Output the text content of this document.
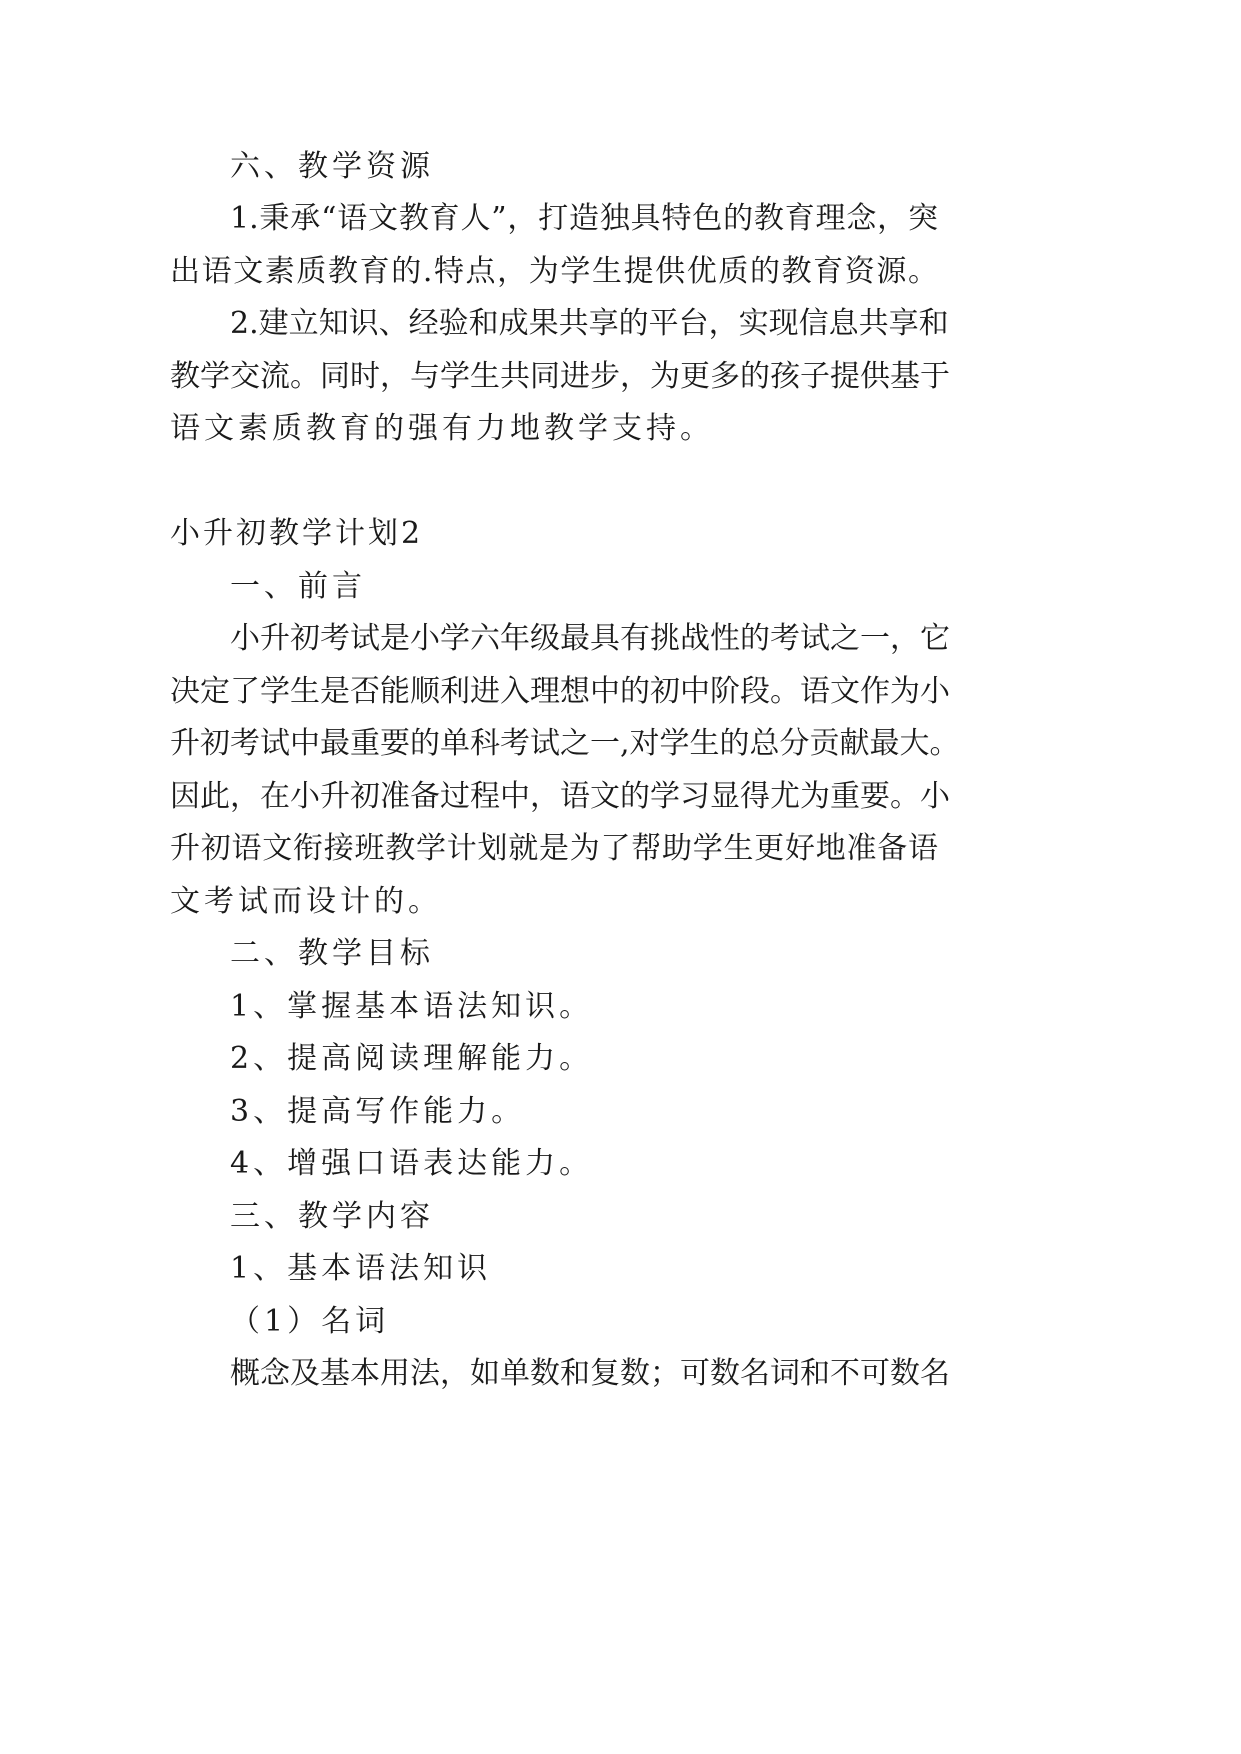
六、教学资源
1.秉承“语文教育人”，打造独具特色的教育理念，突
出语文素质教育的.特点，为学生提供优质的教育资源。
2.建立知识、经验和成果共享的平台，实现信息共享和
教学交流。同时，与学生共同进步，为更多的孩子提供基于
语文素质教育的强有力地教学支持。
小升初教学计划2
一、前言
小升初考试是小学六年级最具有挑战性的考试之一，它
决定了学生是否能顺利进入理想中的初中阶段。语文作为小
升初考试中最重要的单科考试之一,对学生的总分贡献最大。
因此，在小升初准备过程中，语文的学习显得尤为重要。小
升初语文衔接班教学计划就是为了帮助学生更好地准备语
文考试而设计的。
二、教学目标
1、掌握基本语法知识。
2、提高阅读理解能力。
3、提高写作能力。
4、增强口语表达能力。
三、教学内容
1、基本语法知识
（1）名词
概念及基本用法，如单数和复数；可数名词和不可数名
